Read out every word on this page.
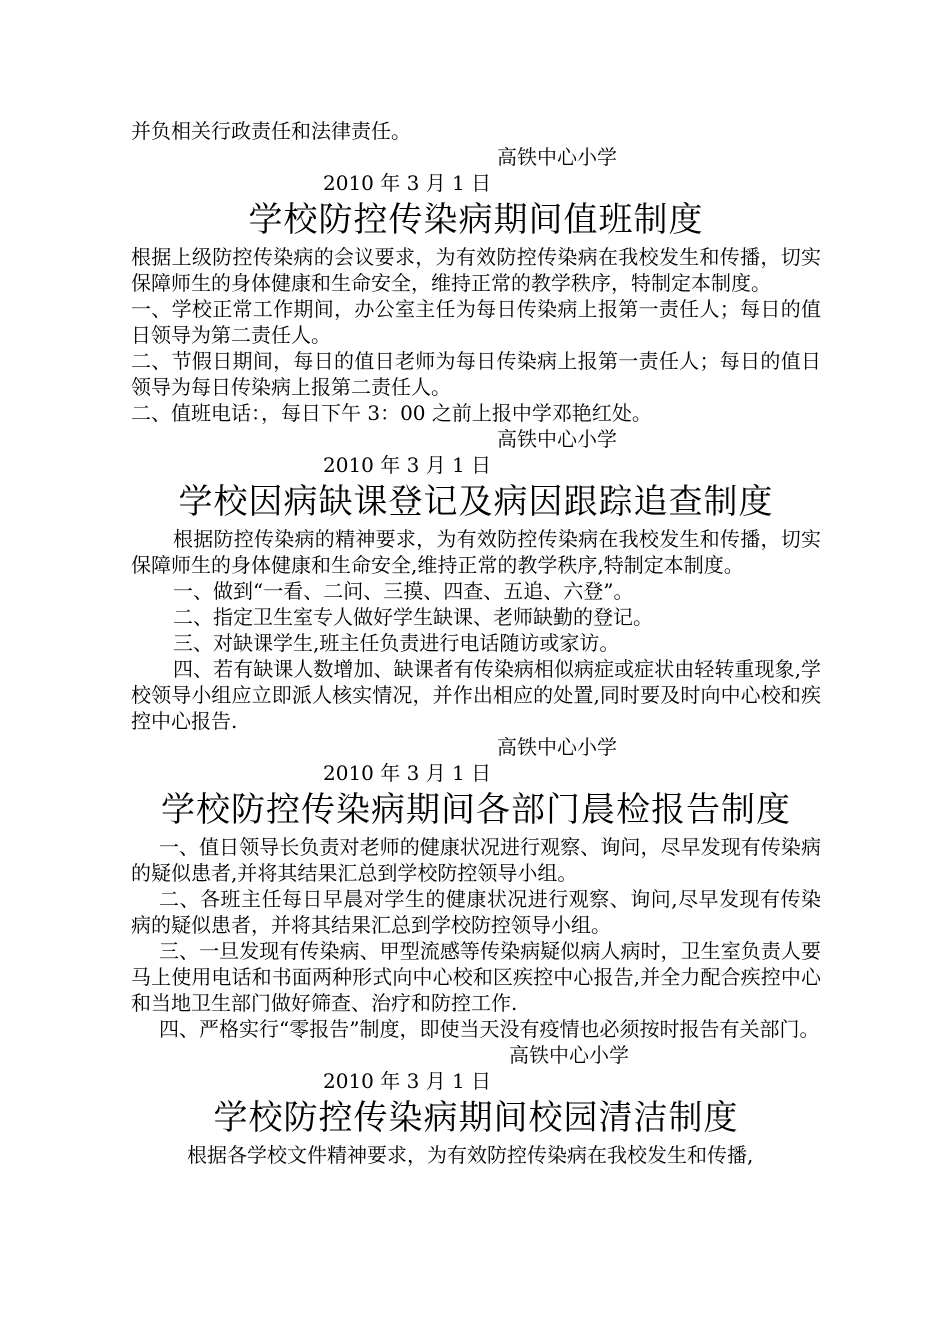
并负相关行政责任和法律责任。

高铁中心小学

2010 年 3 月 1 日

学校防控传染病期间值班制度

根据上级防控传染病的会议要求，为有效防控传染病在我校发生和传播，切实保障师生的身体健康和生命安全，维持正常的教学秩序，特制定本制度。

一、学校正常工作期间，办公室主任为每日传染病上报第一责任人；每日的值日领导为第二责任人。

二、节假日期间，每日的值日老师为每日传染病上报第一责任人；每日的值日领导为每日传染病上报第二责任人。

二、值班电话：，每日下午 3：00 之前上报中学邓艳红处。

高铁中心小学

2010 年 3 月 1 日

学校因病缺课登记及病因跟踪追查制度

根据防控传染病的精神要求，为有效防控传染病在我校发生和传播，切实保障师生的身体健康和生命安全,维持正常的教学秩序,特制定本制度。

一、做到“一看、二问、三摸、四查、五追、六登”。

二、指定卫生室专人做好学生缺课、老师缺勤的登记。

三、对缺课学生,班主任负责进行电话随访或家访。

四、若有缺课人数增加、缺课者有传染病相似病症或症状由轻转重现象,学校领导小组应立即派人核实情况，并作出相应的处置,同时要及时向中心校和疾控中心报告.

高铁中心小学

2010 年 3 月 1 日

学校防控传染病期间各部门晨检报告制度

一、值日领导长负责对老师的健康状况进行观察、询问，尽早发现有传染病的疑似患者,并将其结果汇总到学校防控领导小组。

二、各班主任每日早晨对学生的健康状况进行观察、询问,尽早发现有传染病的疑似患者，并将其结果汇总到学校防控领导小组。

三、一旦发现有传染病、甲型流感等传染病疑似病人病时，卫生室负责人要马上使用电话和书面两种形式向中心校和区疾控中心报告,并全力配合疾控中心和当地卫生部门做好筛查、治疗和防控工作.

四、严格实行“零报告”制度，即使当天没有疫情也必须按时报告有关部门。

高铁中心小学

2010 年 3 月 1 日

学校防控传染病期间校园清洁制度

根据各学校文件精神要求，为有效防控传染病在我校发生和传播,
